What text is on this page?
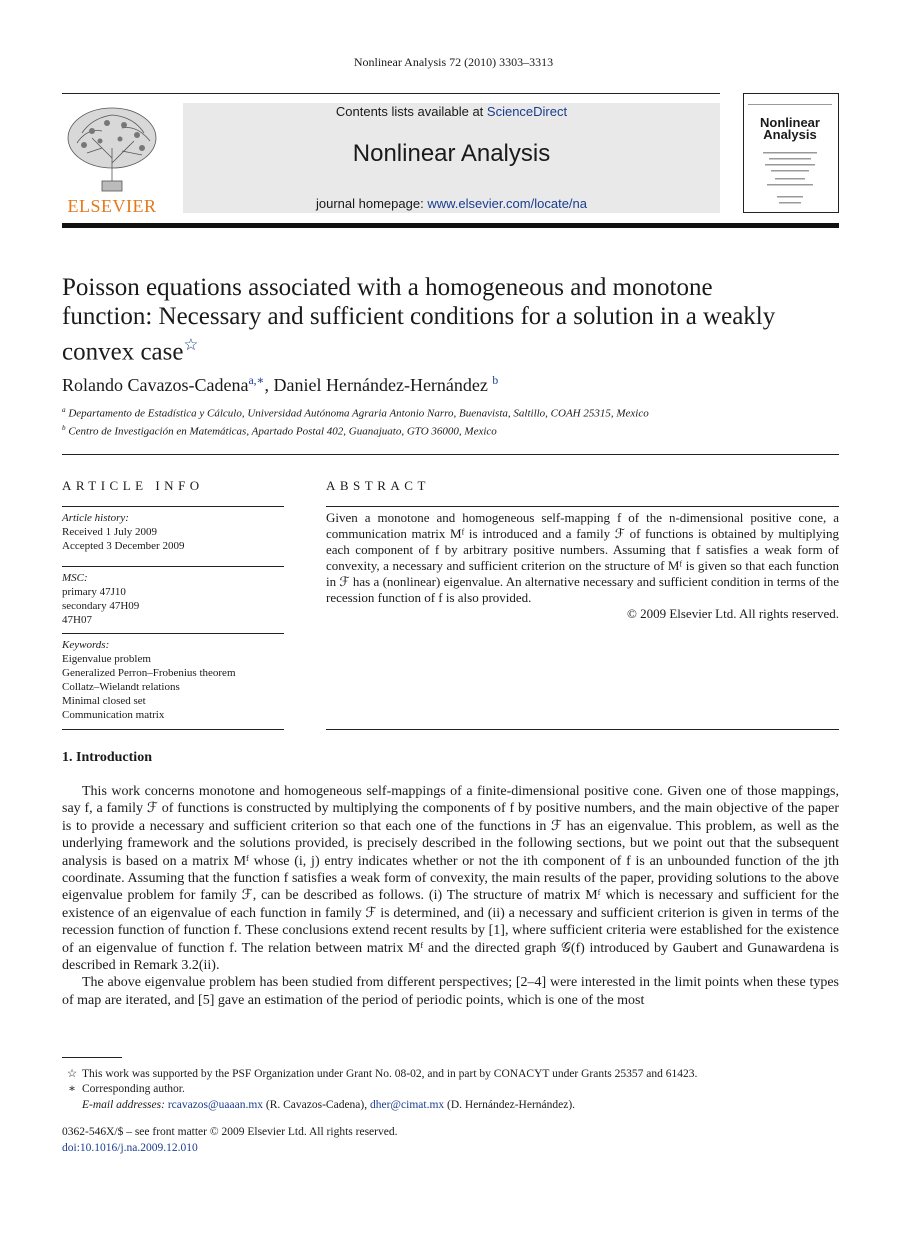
Nonlinear Analysis 72 (2010) 3303–3313
ELSEVIER
Contents lists available at ScienceDirect
Nonlinear Analysis
journal homepage: www.elsevier.com/locate/na
Nonlinear Analysis
Poisson equations associated with a homogeneous and monotone
function: Necessary and sufficient conditions for a solution in a weakly
convex case☆
Rolando Cavazos-Cadena$^{a,∗}$, Daniel Hernández-Hernández $^b$
$^a$ Departamento de Estadística y Cálculo, Universidad Autónoma Agraria Antonio Narro, Buenavista, Saltillo, COAH 25315, Mexico
$^b$ Centro de Investigación en Matemáticas, Apartado Postal 402, Guanajuato, GTO 36000, Mexico
ARTICLE INFO
Article history:
Received 1 July 2009
Accepted 3 December 2009
MSC:
primary 47J10
secondary 47H09
47H07
Keywords:
Eigenvalue problem
Generalized Perron–Frobenius theorem
Collatz–Wielandt relations
Minimal closed set
Communication matrix
ABSTRACT
Given a monotone and homogeneous self-mapping f of the n-dimensional positive cone, a communication matrix Mᶠ is introduced and a family ℱ of functions is obtained by multiplying each component of f by arbitrary positive numbers. Assuming that f satisfies a weak form of convexity, a necessary and sufficient criterion on the structure of Mᶠ is given so that each function in ℱ has a (nonlinear) eigenvalue. An alternative necessary and sufficient condition in terms of the recession function of f is also provided.
© 2009 Elsevier Ltd. All rights reserved.
1. Introduction

This work concerns monotone and homogeneous self-mappings of a finite-dimensional positive cone. Given one of those mappings, say f, a family ℱ of functions is constructed by multiplying the components of f by positive numbers, and the main objective of the paper is to provide a necessary and sufficient criterion so that each one of the functions in ℱ has an eigenvalue. This problem, as well as the underlying framework and the solutions provided, is precisely described in the following sections, but we point out that the subsequent analysis is based on a matrix Mᶠ whose (i, j) entry indicates whether or not the ith component of f is an unbounded function of the jth coordinate. Assuming that the function f satisfies a weak form of convexity, the main results of the paper, providing solutions to the above eigenvalue problem for family ℱ, can be described as follows. (i) The structure of matrix Mᶠ which is necessary and sufficient for the existence of an eigenvalue of each function in family ℱ is determined, and (ii) a necessary and sufficient criterion is given in terms of the recession function of function f. These conclusions extend recent results by [1], where sufficient criteria were established for the existence of an eigenvalue of function f. The relation between matrix Mᶠ and the directed graph 𝒢(f) introduced by Gaubert and Gunawardena is described in Remark 3.2(ii).

The above eigenvalue problem has been studied from different perspectives; [2–4] were interested in the limit points when these types of map are iterated, and [5] gave an estimation of the period of periodic points, which is one of the most

☆ This work was supported by the PSF Organization under Grant No. 08-02, and in part by CONACYT under Grants 25357 and 61423.
∗ Corresponding author.
E-mail addresses: rcavazos@uaaan.mx (R. Cavazos-Cadena), dher@cimat.mx (D. Hernández-Hernández).
0362-546X/$ – see front matter © 2009 Elsevier Ltd. All rights reserved.
doi:10.1016/j.na.2009.12.010
